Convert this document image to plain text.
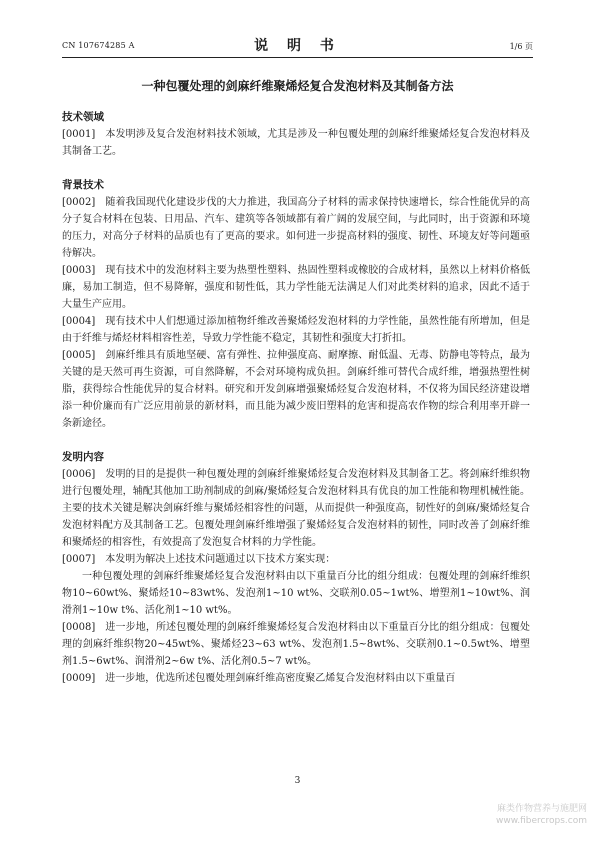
CN 107674285 A	说 明 书	1/6 页
一种包覆处理的剑麻纤维聚烯烃复合发泡材料及其制备方法
技术领域

[0001] 本发明涉及复合发泡材料技术领域，尤其是涉及一种包覆处理的剑麻纤维聚烯烃复合发泡材料及其制备工艺。

背景技术

[0002] 随着我国现代化建设步伐的大力推进，我国高分子材料的需求保持快速增长，综合性能优异的高分子复合材料在包装、日用品、汽车、建筑等各领域都有着广阔的发展空间，与此同时，出于资源和环境的压力，对高分子材料的品质也有了更高的要求。如何进一步提高材料的强度、韧性、环境友好等问题亟待解决。

[0003] 现有技术中的发泡材料主要为热塑性塑料、热固性塑料或橡胶的合成材料，虽然以上材料价格低廉，易加工制造，但不易降解，强度和韧性低，其力学性能无法满足人们对此类材料的追求，因此不适于大量生产应用。

[0004] 现有技术中人们想通过添加植物纤维改善聚烯烃发泡材料的力学性能，虽然性能有所增加，但是由于纤维与烯烃材料相容性差，导致力学性能不稳定，其韧性和强度大打折扣。

[0005] 剑麻纤维具有质地坚硬、富有弹性、拉伸强度高、耐摩擦、耐低温、无毒、防静电等特点，最为关键的是天然可再生资源，可自然降解，不会对环境构成负担。剑麻纤维可替代合成纤维，增强热塑性树脂，获得综合性能优异的复合材料。研究和开发剑麻增强聚烯烃复合发泡材料，不仅将为国民经济建设增添一种价廉而有广泛应用前景的新材料，而且能为减少废旧塑料的危害和提高农作物的综合利用率开辟一条新途径。

发明内容

[0006] 发明的目的是提供一种包覆处理的剑麻纤维聚烯烃复合发泡材料及其制备工艺。将剑麻纤维织物进行包覆处理，辅配其他加工助剂制成的剑麻/聚烯烃复合发泡材料具有优良的加工性能和物理机械性能。主要的技术关键是解决剑麻纤维与聚烯烃相容性的问题，从而提供一种强度高，韧性好的剑麻/聚烯烃复合发泡材料配方及其制备工艺。包覆处理剑麻纤维增强了聚烯烃复合发泡材料的韧性，同时改善了剑麻纤维和聚烯烃的相容性，有效提高了发泡复合材料的力学性能。

[0007] 本发明为解决上述技术问题通过以下技术方案实现：

一种包覆处理的剑麻纤维聚烯烃复合发泡材料由以下重量百分比的组分组成：包覆处理的剑麻纤维织物10~60wt%、聚烯烃10~83wt%、发泡剂1~10 wt%、交联剂0.05~1wt%、增塑剂1~10wt%、润滑剂1~10w t%、活化剂1~10 wt%。

[0008] 进一步地，所述包覆处理的剑麻纤维聚烯烃复合发泡材料由以下重量百分比的组分组成：包覆处理的剑麻纤维织物20~45wt%、聚烯烃23~63 wt%、发泡剂1.5~8wt%、交联剂0.1~0.5wt%、增塑剂1.5~6wt%、润滑剂2~6w t%、活化剂0.5~7 wt%。

[0009] 进一步地，优选所述包覆处理剑麻纤维高密度聚乙烯复合发泡材料由以下重量百

3
麻类作物营养与施肥网
www.fibercrops.com
